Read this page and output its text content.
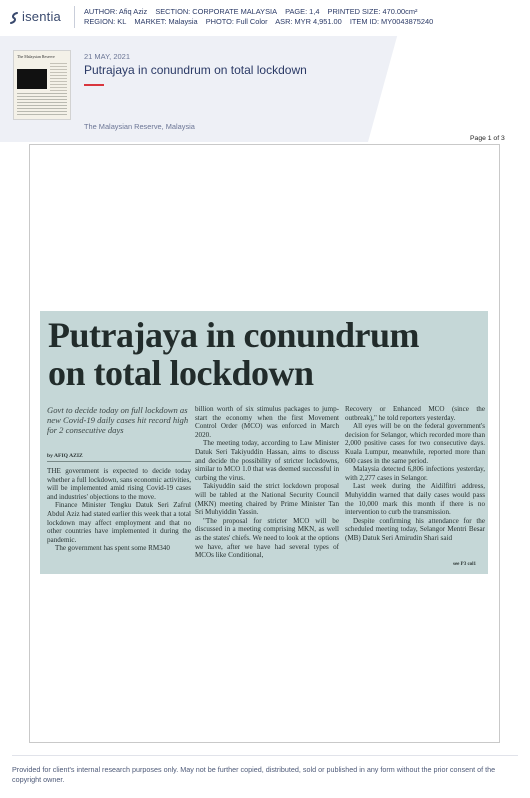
isentia	AUTHOR: Afiq Aziz SECTION: CORPORATE MALAYSIA PAGE: 1,4 PRINTED SIZE: 470.00cm²
REGION: KL MARKET: Malaysia PHOTO: Full Color ASR: MYR 4,951.00 ITEM ID: MY0043875240
The Malaysian Reserve	21 MAY, 2021
Putrajaya in conundrum on total lockdown
The Malaysian Reserve, Malaysia
Page 1 of 3
Putrajaya in conundrum
on total lockdown
Govt to decide today on full lockdown as new Covid-19 daily cases hit record high for 2 consecutive days
by AFIQ AZIZ

THE government is expected to decide today whether a full lockdown, sans economic activities, will be implemented amid rising Covid-19 cases and industries' objections to the move.

Finance Minister Tengku Datuk Seri Zafrul Abdul Aziz had stated earlier this week that a total lockdown may affect employment and that no other countries have implemented it during the pandemic.

The government has spent some RM340

billion worth of six stimulus packages to jump-start the economy when the first Movement Control Order (MCO) was enforced in March 2020.

The meeting today, according to Law Minister Datuk Seri Takiyuddin Hassan, aims to discuss and decide the possibility of stricter lockdowns, similar to MCO 1.0 that was deemed successful in curbing the virus.

Takiyuddin said the strict lockdown proposal will be tabled at the National Security Council (MKN) meeting chaired by Prime Minister Tan Sri Muhyiddin Yassin.

"The proposal for stricter MCO will be discussed in a meeting comprising MKN, as well as the states' chiefs. We need to look at the options we have, after we have had several types of MCOs like Conditional,

Recovery or Enhanced MCO (since the outbreak)," he told reporters yesterday.

All eyes will be on the federal government's decision for Selangor, which recorded more than 2,000 positive cases for two consecutive days. Kuala Lumpur, meanwhile, reported more than 600 cases in the same period.

Malaysia detected 6,806 infections yesterday, with 2,277 cases in Selangor.

Last week during the Aidilfitri address, Muhyiddin warned that daily cases would pass the 10,000 mark this month if there is no intervention to curb the transmission.

Despite confirming his attendance for the scheduled meeting today, Selangor Mentri Besar (MB) Datuk Seri Amirudin Shari said

see P3 col1
Provided for client's internal research purposes only. May not be further copied, distributed, sold or published in any form without the prior consent of the copyright owner.
